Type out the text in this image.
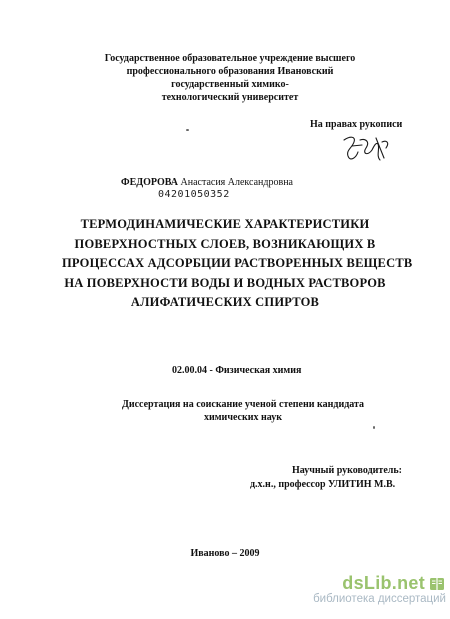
Государственное образовательное учреждение высшего
профессионального образования Ивановский государственный химико-
технологический университет
На правах рукописи
ФЕДОРОВА Анастасия Александровна
04201050352
ТЕРМОДИНАМИЧЕСКИЕ ХАРАКТЕРИСТИКИ
ПОВЕРХНОСТНЫХ СЛОЕВ, ВОЗНИКАЮЩИХ В
ПРОЦЕССАХ АДСОРБЦИИ РАСТВОРЕННЫХ ВЕЩЕСТВ
НА ПОВЕРХНОСТИ ВОДЫ И ВОДНЫХ РАСТВОРОВ
АЛИФАТИЧЕСКИХ СПИРТОВ
02.00.04 - Физическая химия
Диссертация на соискание ученой степени кандидата
химических наук
Научный руководитель:
д.х.н., профессор УЛИТИН М.В.
Иваново – 2009
dsLib.net
библиотека диссертаций
